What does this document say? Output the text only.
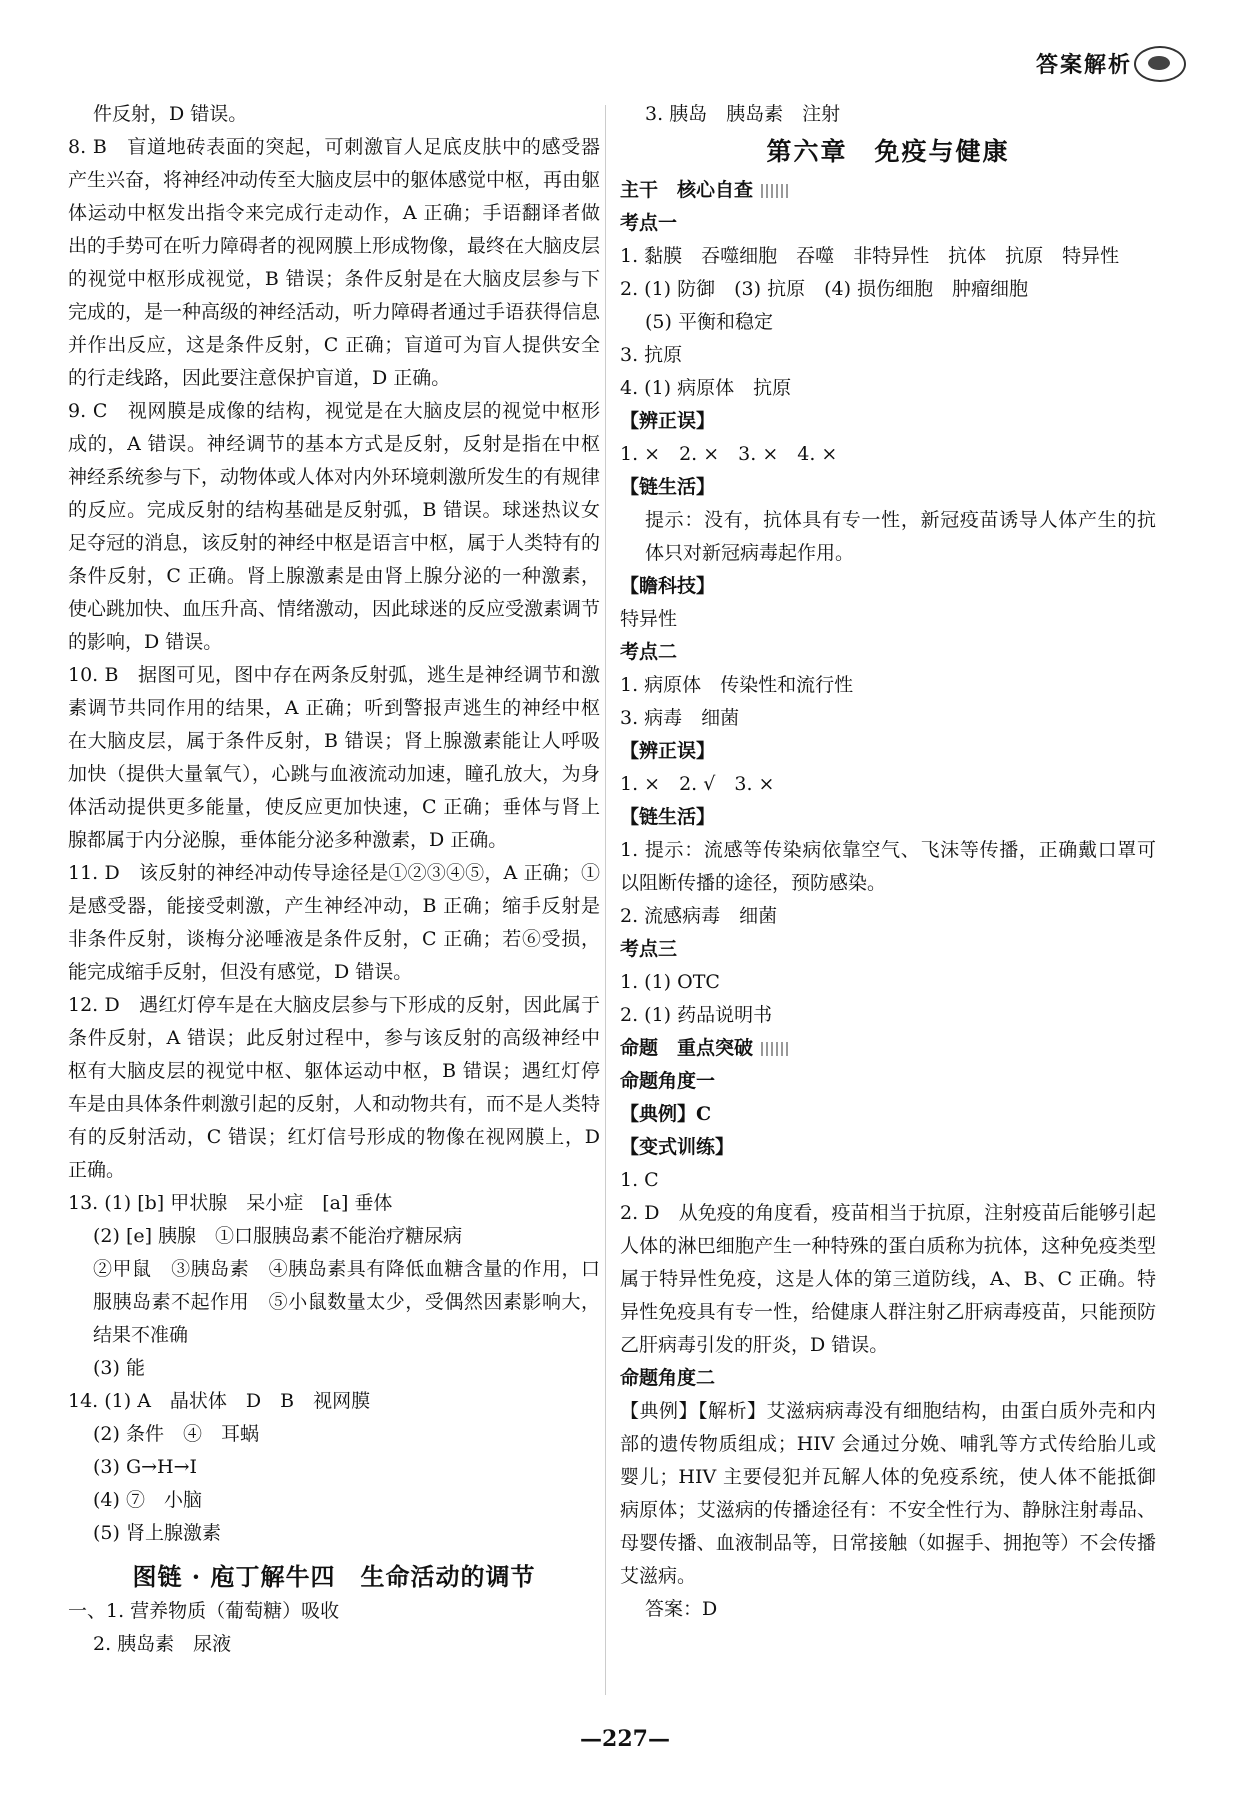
答案解析

件反射，D 错误。

8. B　盲道地砖表面的突起，可刺激盲人足底皮肤中的感受器产生兴奋，将神经冲动传至大脑皮层中的躯体感觉中枢，再由躯体运动中枢发出指令来完成行走动作，A 正确；手语翻译者做出的手势可在听力障碍者的视网膜上形成物像，最终在大脑皮层的视觉中枢形成视觉，B 错误；条件反射是在大脑皮层参与下完成的，是一种高级的神经活动，听力障碍者通过手语获得信息并作出反应，这是条件反射，C 正确；盲道可为盲人提供安全的行走线路，因此要注意保护盲道，D 正确。

9. C　视网膜是成像的结构，视觉是在大脑皮层的视觉中枢形成的，A 错误。神经调节的基本方式是反射，反射是指在中枢神经系统参与下，动物体或人体对内外环境刺激所发生的有规律的反应。完成反射的结构基础是反射弧，B 错误。球迷热议女足夺冠的消息，该反射的神经中枢是语言中枢，属于人类特有的条件反射，C 正确。肾上腺激素是由肾上腺分泌的一种激素，使心跳加快、血压升高、情绪激动，因此球迷的反应受激素调节的影响，D 错误。

10. B　据图可见，图中存在两条反射弧，逃生是神经调节和激素调节共同作用的结果，A 正确；听到警报声逃生的神经中枢在大脑皮层，属于条件反射，B 错误；肾上腺激素能让人呼吸加快（提供大量氧气），心跳与血液流动加速，瞳孔放大，为身体活动提供更多能量，使反应更加快速，C 正确；垂体与肾上腺都属于内分泌腺，垂体能分泌多种激素，D 正确。

11. D　该反射的神经冲动传导途径是①②③④⑤，A 正确；①是感受器，能接受刺激，产生神经冲动，B 正确；缩手反射是非条件反射，谈梅分泌唾液是条件反射，C 正确；若⑥受损，能完成缩手反射，但没有感觉，D 错误。

12. D　遇红灯停车是在大脑皮层参与下形成的反射，因此属于条件反射，A 错误；此反射过程中，参与该反射的高级神经中枢有大脑皮层的视觉中枢、躯体运动中枢，B 错误；遇红灯停车是由具体条件刺激引起的反射，人和动物共有，而不是人类特有的反射活动，C 错误；红灯信号形成的物像在视网膜上，D 正确。

13. (1) [b] 甲状腺　呆小症　[a] 垂体

(2) [e] 胰腺　①口服胰岛素不能治疗糖尿病

②甲鼠　③胰岛素　④胰岛素具有降低血糖含量的作用，口服胰岛素不起作用　⑤小鼠数量太少，受偶然因素影响大，结果不准确

(3) 能

14. (1) A　晶状体　D　B　视网膜

(2) 条件　④　耳蜗

(3) G→H→I

(4) ⑦　小脑

(5) 肾上腺激素

图链 · 庖丁解牛四　生命活动的调节

一、1. 营养物质（葡萄糖）吸收

2. 胰岛素　尿液

3. 胰岛　胰岛素　注射

第六章　免疫与健康

主干　核心自查

考点一

1. 黏膜　吞噬细胞　吞噬　非特异性　抗体　抗原　特异性

2. (1) 防御　(3) 抗原　(4) 损伤细胞　肿瘤细胞

(5) 平衡和稳定

3. 抗原

4. (1) 病原体　抗原

【辨正误】

1. ×　2. ×　3. ×　4. ×

【链生活】

提示：没有，抗体具有专一性，新冠疫苗诱导人体产生的抗体只对新冠病毒起作用。

【瞻科技】

特异性

考点二

1. 病原体　传染性和流行性

3. 病毒　细菌

【辨正误】

1. ×　2. √　3. ×

【链生活】

1. 提示：流感等传染病依靠空气、飞沫等传播，正确戴口罩可以阻断传播的途径，预防感染。

2. 流感病毒　细菌

考点三

1. (1) OTC

2. (1) 药品说明书

命题　重点突破

命题角度一

【典例】C

【变式训练】

1. C

2. D　从免疫的角度看，疫苗相当于抗原，注射疫苗后能够引起人体的淋巴细胞产生一种特殊的蛋白质称为抗体，这种免疫类型属于特异性免疫，这是人体的第三道防线，A、B、C 正确。特异性免疫具有专一性，给健康人群注射乙肝病毒疫苗，只能预防乙肝病毒引发的肝炎，D 错误。

命题角度二

【典例】【解析】艾滋病病毒没有细胞结构，由蛋白质外壳和内部的遗传物质组成；HIV 会通过分娩、哺乳等方式传给胎儿或婴儿；HIV 主要侵犯并瓦解人体的免疫系统，使人体不能抵御病原体；艾滋病的传播途径有：不安全性行为、静脉注射毒品、母婴传播、血液制品等，日常接触（如握手、拥抱等）不会传播艾滋病。

答案：D

—227—
